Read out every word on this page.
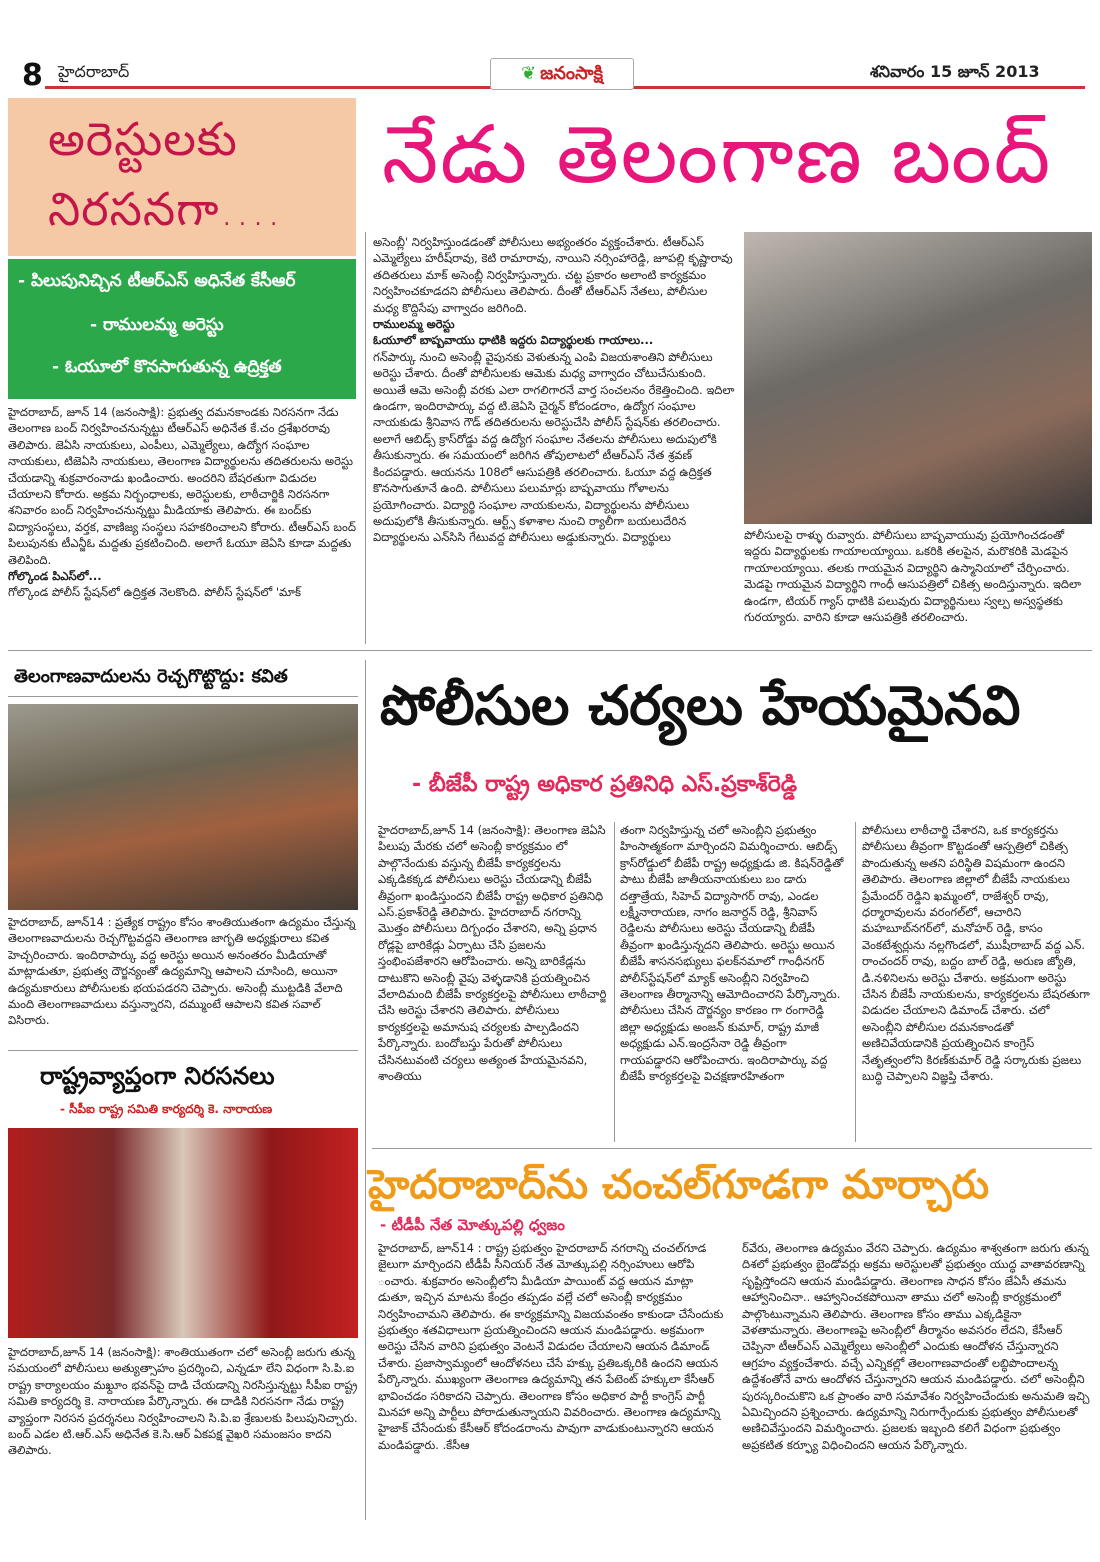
8 హైదరాబాద్	❦ జనంసాక్షి	శనివారం 15 జూన్ 2013
అరెస్టులకు
నిరసనగా....
నేడు తెలంగాణ బంద్
- పిలుపునిచ్చిన టీఆర్ఎస్ అధినేత కేసీఆర్
- రాములమ్మ అరెస్టు
- ఓయూలో కొనసాగుతున్న ఉద్రిక్తత

హైదరాబాద్, జూన్ 14 (జనంసాక్షి): ప్రభుత్వ దమనకాండకు నిరసనగా నేడు తెలంగాణ బంద్ నిర్వహించనున్నట్టు టీఆర్ఎస్ అధినేత కే.చం ద్రశేఖరరావు తెలిపారు. జెఏసి నాయకులు, ఎంపీలు, ఎమ్మెల్యేలు, ఉద్యోగ సంఘాల నాయకులు, టిజెఏసి నాయకులు, తెలంగాణ విద్యార్థులను తదితరులను అరెస్టు చేయడాన్ని శుక్రవారంనాడు ఖండించారు. అందరిని బేషరతుగా విడుదల చేయాలని కోరారు. అక్రమ నిర్బంధాలకు, అరెస్టులకు, లాఠీచార్జికి నిరసనగా శనివారం బంద్ నిర్వహించనున్నట్టు మీడియాకు తెలిపారు. ఈ బంద్‌కు విద్యాసంస్థలు, వర్తక, వాణిజ్య సంస్థలు సహకరించాలని కోరారు. టీఆర్ఎస్ బంద్ పిలుపునకు టీఎన్జీఓ మద్దతు ప్రకటించింది. అలాగే ఓయూ జెఏసి కూడా మద్దతు తెలిపింది.

గోల్కొండ పిఎస్‌లో...

గోల్కొండ పోలీస్ స్టేషన్‌లో ఉద్రిక్తత నెలకొంది. పోలీస్ స్టేషన్‌లో 'మాక్

అసెంబ్లీ' నిర్వహిస్తుండడంతో పోలీసులు అభ్యంతరం వ్యక్తంచేశారు. టీఆర్ఎస్ ఎమ్మెల్యేలు హరీష్‌రావు, కెటి రామారావు, నాయిని నర్సింహారెడ్డి, జూపల్లి కృష్ణారావు తదితరులు మాక్ అసెంబ్లీ నిర్వహిస్తున్నారు. చట్ట ప్రకారం అలాంటి కార్యక్రమం నిర్వహించకూడదని పోలీసులు తెలిపారు. దీంతో టీఆర్ఎస్ నేతలు, పోలీసుల మధ్య కొద్దిసేపు వాగ్వాదం జరిగింది.

రాములమ్మ అరెస్టు

ఓయూలో బాష్పవాయు ధాటికి ఇద్దరు విద్యార్థులకు గాయాలు...

గన్‌పార్కు నుంచి అసెంబ్లీ వైపునకు వెళుతున్న ఎంపి విజయశాంతిని పోలీసులు అరెస్టు చేశారు. దీంతో పోలీసులకు ఆమెకు మధ్య వాగ్వాదం చోటుచేసుకుంది. అయితే ఆమె అసెంబ్లీ వరకు ఎలా రాగలిగారనే వార్త సంచలనం రేకెత్తించింది. ఇదిలా ఉండగా, ఇందిరాపార్కు వద్ద టి.జెఏసి చైర్మన్ కోదండరాం, ఉద్యోగ సంఘాల నాయకుడు శ్రీనివాస గౌడ్ తదితరులను అరెస్టుచేసి పోలీస్ స్టేషన్‌కు తరలించారు. అలాగే ఆబిడ్స్ క్రాస్‌రోడ్డు వద్ద ఉద్యోగ సంఘాల నేతలను పోలీసులు అదుపులోకి తీసుకున్నారు. ఈ సమయంలో జరిగిన తోపులాటలో టీఆర్ఎస్ నేత శ్రవణ్ కిందపడ్డారు. ఆయనను 108లో ఆసుపత్రికి తరలించారు. ఓయూ వద్ద ఉద్రిక్తత కొనసాగుతూనే ఉంది. పోలీసులు పలుమార్లు బాష్పవాయు గోళాలను ప్రయోగించారు. విద్యార్థి సంఘాల నాయకులను, విద్యార్థులను పోలీసులు అదుపులోకి తీసుకున్నారు. ఆర్ట్స్ కళాశాల నుంచి ర్యాలీగా బయలుదేరిన విద్యార్థులను ఎన్‌సిసి గేటువద్ద పోలీసులు అడ్డుకున్నారు. విద్యార్థులు	పోలీసులపై రాళ్ళు రువ్వారు. పోలీసులు బాష్పవాయువు ప్రయోగించడంతో ఇద్దరు విద్యార్థులకు గాయాలయ్యాయి. ఒకరికి తలపైన, మరొకరికి మెడపైన గాయాలయ్యాయి. తలకు గాయమైన విద్యార్థిని ఉస్మానియాలో చేర్పించారు. మెడపై గాయమైన విద్యార్థిని గాంధీ ఆసుపత్రిలో చికిత్స అందిస్తున్నారు. ఇదిలా ఉండగా, టియర్ గ్యాస్ ధాటికి పలువురు విద్యార్థినులు స్వల్ప అస్వస్థతకు గురయ్యారు. వారిని కూడా ఆసుపత్రికి తరలించారు.

తెలంగాణవాదులను రెచ్చగొట్టొద్దు: కవిత

హైదరాబాద్, జూన్14 : ప్రత్యేక రాష్ట్రం కోసం శాంతియుతంగా ఉద్యమం చేస్తున్న తెలంగాణవాదులను రెచ్చగొట్టవద్దని తెలంగాణ జాగృతి అధ్యక్షురాలు కవిత హెచ్చరించారు. ఇందిరాపార్కు వద్ద అరెస్టు అయిన అనంతరం మీడియాతో మాట్లాడుతూ, ప్రభుత్వ దౌర్జన్యంతో ఉద్యమాన్ని ఆపాలని చూసింది, అయినా ఉద్యమకారులు పోలీసులకు భయపడరని చెప్పారు. అసెంబ్లీ ముట్టడికి వేలాది మంది తెలంగాణవాదులు వస్తున్నారని, దమ్ముంటే ఆపాలని కవిత సవాల్ విసిరారు.

రాష్ట్రవ్యాప్తంగా నిరసనలు
- సీపీఐ రాష్ట్ర సమితి కార్యదర్శి కె. నారాయణ

హైదరాబాద్,జూన్ 14 (జనంసాక్షి): శాంతియుతంగా చలో అసెంబ్లీ జరుగు తున్న సమయంలో పోలీసులు అత్యుత్సాహం ప్రదర్శించి, ఎన్నడూ లేని విధంగా సి.పి.ఐ రాష్ట్ర కార్యాలయం మఖ్దూం భవన్‌పై దాడి చేయడాన్ని నిరసిస్తున్నట్టు సీపీఐ రాష్ట్ర సమితి కార్యదర్శి కె. నారాయణ పేర్కొన్నారు. ఈ దాడికి నిరసనగా నేడు రాష్ట్ర వ్యాప్తంగా నిరసన ప్రదర్శనలు నిర్వహించాలని సి.పి.ఐ శ్రేణులకు పిలుపునిచ్చారు. బంద్ ఎడల టి.ఆర్.ఎస్ అధినేత కె.సి.ఆర్ ఏకపక్ష వైఖరి సమంజసం కాదని తెలిపారు.

పోలీసుల చర్యలు హేయమైనవి
- బీజేపీ రాష్ట్ర అధికార ప్రతినిధి ఎస్.ప్రకాశ్‌రెడ్డి

హైదరాబాద్,జూన్ 14 (జనంసాక్షి): తెలంగాణ జెఏసి పిలుపు మేరకు చలో అసెంబ్లీ కార్యక్రమం లో పాల్గొనేందుకు వస్తున్న బీజేపీ కార్యకర్తలను ఎక్కడికక్కడ పోలీసులు అరెస్టు చేయడాన్ని బీజేపీ తీవ్రంగా ఖండిస్తుందని బీజేపీ రాష్ట్ర అధికార ప్రతినిధి ఎస్.ప్రకాశ్‌రెడ్డి తెలిపారు. హైదరాబాద్ నగరాన్ని మొత్తం పోలీసులు దిగ్బంధం చేశారని, అన్ని ప్రధాన రోడ్లపై బారికేడ్లు ఏర్పాటు చేసి ప్రజలను స్తంభింపజేశారని ఆరోపించారు. అన్ని బారికేడ్లను దాటుకొని అసెంబ్లీ వైపు వెళ్ళడానికి ప్రయత్నించిన వేలాదిమంది బీజేపీ కార్యకర్తలపై పోలీసులు లాఠీచార్జి చేసి అరెస్టు చేశారని తెలిపారు. పోలీసులు కార్యకర్తలపై అమానుష చర్యలకు పాల్పడిందని పేర్కొన్నారు. బందోబస్తు పేరుతో పోలీసులు చేసినటువంటి చర్యలు అత్యంత హేయమైనవని, శాంతియు

తంగా నిర్వహిస్తున్న చలో అసెంబ్లీని ప్రభుత్వం హింసాత్మకంగా మార్చిందని విమర్శించారు. ఆబిడ్స్ క్రాస్‌రోడ్డులో బీజేపీ రాష్ట్ర అధ్యక్షుడు జి. కిషన్‌రెడ్డితో పాటు బీజేపీ జాతీయనాయకులు బం డారు దత్తాత్రేయ, సిహెచ్ విద్యాసాగర్ రావు, ఎండల లక్ష్మీనారాయణ, నాగం జనార్దన్ రెడ్డి, శ్రీనివాస్ రెడ్డిలను పోలీసులు అరెస్టు చేయడాన్ని బీజేపీ తీవ్రంగా ఖండిస్తున్నదని తెలిపారు. అరెస్టు అయిన బీజేపీ శాసనసభ్యులు ఫలక్‌నమాలో గాంధీనగర్ పోలీస్‌స్టేషన్‌లో మ్యాక్ అసెంబ్లీని నిర్వహించి తెలంగాణ తీర్మానాన్ని ఆమోదించారని పేర్కొన్నారు. పోలీసులు చేసిన దౌర్జన్యం కారణం గా రంగారెడ్డి జిల్లా అధ్యక్షుడు అంజన్ కుమార్, రాష్ట్ర మాజీ అధ్యక్షుడు ఎన్.ఇంద్రసేనా రెడ్డి తీవ్రంగా గాయపడ్డారని ఆరోపించారు. ఇందిరాపార్కు వద్ద బీజేపీ కార్యకర్తలపై విచక్షణారహితంగా

పోలీసులు లాఠీచార్జి చేశారని, ఒక కార్యకర్తను పోలీసులు తీవ్రంగా కొట్టడంతో ఆస్పత్రిలో చికిత్స పొందుతున్న అతని పరిస్థితి విషమంగా ఉందని తెలిపారు. తెలంగాణ జిల్లాలో బీజేపీ నాయకులు ప్రేమేందర్ రెడ్డిని ఖమ్మంలో, రాజేశ్వర్ రావు, ధర్మారావులను వరంగల్‌లో, ఆచారిని మహబూబ్‌నగర్‌లో, మనోహర్ రెడ్డి, కాసం వెంకటేశ్వర్లును నల్లగొండలో, ముషీరాబాద్ వద్ద ఎన్. రాంచందర్ రావు, బద్దం బాల్ రెడ్డి, అరుణ జ్యోతి, డి.నళినిలను అరెస్టు చేశారు. అక్రమంగా అరెస్టు చేసిన బీజేపీ నాయకులను, కార్యకర్తలను బేషరతుగా విడుదల చేయాలని డిమాండ్ చేశారు. చలో అసెంబ్లీని పోలీసుల దమనకాండతో అణిచివేయడానికి ప్రయత్నించిన కాంగ్రెస్ నేతృత్వంలోని కిరణ్‌కుమార్ రెడ్డి సర్కారుకు ప్రజలు బుద్ధి చెప్పాలని విజ్ఞప్తి చేశారు.

హైదరాబాద్‌ను చంచల్‌గూడగా మార్చారు
- టీడీపీ నేత మోత్కుపల్లి ధ్వజం

హైదరాబాద్, జూన్14 : రాష్ట్ర ప్రభుత్వం హైదరాబాద్ నగరాన్ని చంచల్‌గూడ జైలుగా మార్చిందని టీడీపీ సీనియర్ నేత మోత్కుపల్లి నర్సింహులు ఆరోపి ంచారు. శుక్రవారం అసెంబ్లీలోని మీడియా పాయింట్ వద్ద ఆయన మాట్లా డుతూ, ఇచ్చిన మాటను కేంద్రం తప్పడం వల్లే చలో అసెంబ్లీ కార్యక్రమం నిర్వహించామని తెలిపారు. ఈ కార్యక్రమాన్ని విజయవంతం కాకుండా చేసేందుకు ప్రభుత్వం శతవిధాలుగా ప్రయత్నించిందని ఆయన మండిపడ్డారు. అక్రమంగా అరెస్టు చేసిన వారిని ప్రభుత్వం వెంటనే విడుదల చేయాలని ఆయన డిమాండ్ చేశారు. ప్రజాస్వామ్యంలో ఆందోళనలు చేసే హక్కు ప్రతిఒక్కరికి ఉందని ఆయన పేర్కొన్నారు. ముఖ్యంగా తెలంగాణ ఉద్యమాన్ని తన పేటెంట్ హక్కులా కేసీఆర్ భావించడం సరికాదని చెప్పారు. తెలంగాణ కోసం అధికార పార్టీ కాంగ్రెస్ పార్టీ మినహా అన్ని పార్టీలు పోరాడుతున్నాయని వివరించారు. తెలంగాణ ఉద్యమాన్ని హైజాక్ చేసేందుకు కేసీఆర్ కోదండరాంను పావుగా వాడుకుంటున్నారని ఆయన మండిపడ్డారు. .కేసీఆ

ర్‌వేరు, తెలంగాణ ఉద్యమం వేరని చెప్పారు. ఉద్యమం శాశ్వతంగా జరుగు తున్న దిశలో ప్రభుత్వం బైండోవర్లు అక్రమ అరెస్టులతో ప్రభుత్వం యుద్ధ వాతావరణాన్ని సృష్టిస్తోందని ఆయన మండిపడ్డారు. తెలంగాణ సాధన కోసం జేఏసీ తమను ఆహ్వానించినా.. ఆహ్వానించకపోయినా తాము చలో అసెంబ్లీ కార్యక్రమంలో పాల్గొంటున్నామని తెలిపారు. తెలంగాణ కోసం తాము ఎక్కడికైనా వెళతామన్నారు. తెలంగాణపై అసెంబ్లీలో తీర్మానం అవసరం లేదని, కేసీఆర్ చెప్పినా టీఆర్ఎస్ ఎమ్మెల్యేలు అసెంబ్లీలో ఎందుకు ఆందోళన చేస్తున్నారని ఆగ్రహం వ్యక్తంచేశారు. వచ్చే ఎన్నికల్లో తెలంగాణవాదంతో లబ్ధిపొందాలన్న ఉద్దేశంతోనే వారు ఆందోళన చేస్తున్నారని ఆయన మండిపడ్డారు. చలో అసెంబ్లీని పురస్కరించుకొని ఒక ప్రాంతం వారి సమావేశం నిర్వహించేందుకు అనుమతి ఇచ్చి ఏమిచ్చిందని ప్రశ్నించారు. ఉద్యమాన్ని నిరుగార్చేందుకు ప్రభుత్వం పోలీసులతో అణిచివేస్తుందని విమర్శించారు. ప్రజలకు ఇబ్బంది కలిగే విధంగా ప్రభుత్వం అప్రకటిత కర్ఫ్యూ విధించిందని ఆయన పేర్కొన్నారు.
